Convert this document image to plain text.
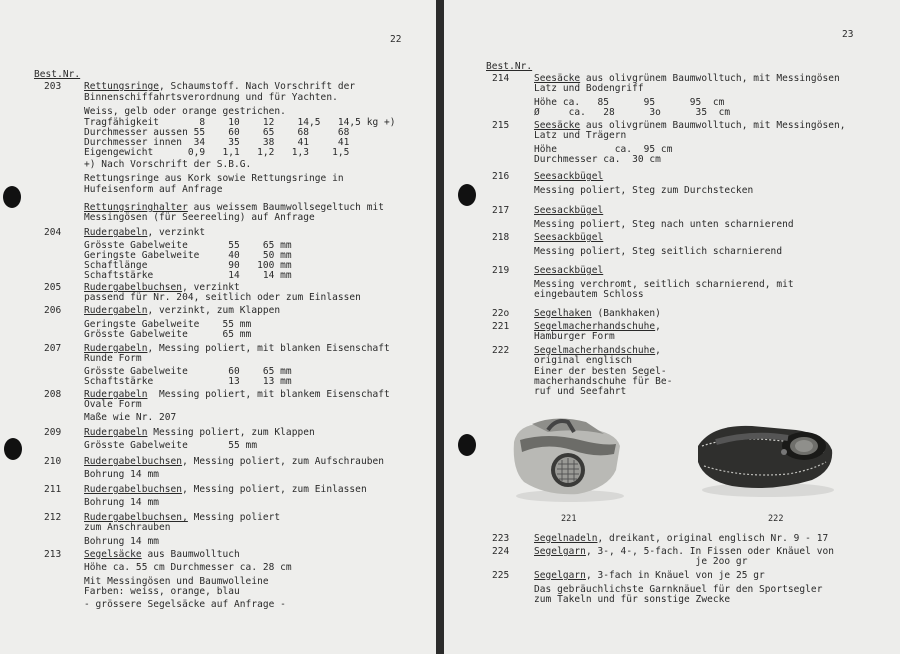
22
Best.Nr.
203 Rettungsringe, Schaumstoff. Nach Vorschrift der
Binnenschiffahrtsverordnung und für Yachten.
Weiss, gelb oder orange gestrichen.
Tragfähigkeit       8    10    12    14,5   14,5 kg +)
Durchmesser aussen 55    60    65    68     68
Durchmesser innen  34    35    38    41     41
Eigengewicht      0,9   1,1   1,2   1,3    1,5
+) Nach Vorschrift der S.B.G.
Rettungsringe aus Kork sowie Rettungsringe in
Hufeisenform auf Anfrage
Rettungsringhalter aus weissem Baumwollsegeltuch mit
Messingösen (für Seereeling) auf Anfrage
204 Rudergabeln, verzinkt
Grösste Gabelweite       55    65 mm
Geringste Gabelweite     40    50 mm
Schaftlänge              90   100 mm
Schaftstärke             14    14 mm
205 Rudergabelbuchsen, verzinkt
passend für Nr. 204, seitlich oder zum Einlassen
206 Rudergabeln, verzinkt, zum Klappen
Geringste Gabelweite    55 mm
Grösste Gabelweite      65 mm
207 Rudergabeln, Messing poliert, mit blanken Eisenschaft
Runde Form
Grösste Gabelweite       60    65 mm
Schaftstärke             13    13 mm
208 Rudergabeln  Messing poliert, mit blankem Eisenschaft
Ovale Form
Maße wie Nr. 207
209 Rudergabeln Messing poliert, zum Klappen
Grösste Gabelweite       55 mm
210 Rudergabelbuchsen, Messing poliert, zum Aufschrauben
Bohrung 14 mm
211 Rudergabelbuchsen, Messing poliert, zum Einlassen
Bohrung 14 mm
212 Rudergabelbuchsen, Messing poliert
zum Anschrauben
Bohrung 14 mm
213 Segelsäcke aus Baumwolltuch
Höhe ca. 55 cm Durchmesser ca. 28 cm
Mit Messingösen und Baumwolleine
Farben: weiss, orange, blau
- grössere Segelsäcke auf Anfrage -
23
Best.Nr.
214	Seesäcke aus olivgrünem Baumwolltuch, mit Messingösen
Latz und Bodengriff
Höhe ca.   85      95      95  cm
Ø     ca.   28      3o      35  cm
215	Seesäcke aus olivgrünem Baumwolltuch, mit Messingösen,
Latz und Trägern
Höhe          ca.  95 cm
Durchmesser ca.  30 cm
216	Seesackbügel
Messing poliert, Steg zum Durchstecken
217	Seesackbügel
Messing poliert, Steg nach unten scharnierend
218	Seesackbügel
Messing poliert, Steg seitlich scharnierend
219	Seesackbügel
Messing verchromt, seitlich scharnierend, mit
eingebautem Schloss
22o	Segelhaken (Bankhaken)
221	Segelmacherhandschuhe,
Hamburger Form
222	Segelmacherhandschuhe,
original englisch
Einer der besten Segel-
macherhandschuhe für Be-
ruf und Seefahrt
223	Segelnadeln, dreikant, original englisch Nr. 9 - 17
224	Segelgarn, 3-, 4-, 5-fach. In Fissen oder Knäuel von
je 2oo gr
225	Segelgarn, 3-fach in Knäuel von je 25 gr
Das gebräuchlichste Garnknäuel für den Sportsegler
zum Takeln und für sonstige Zwecke
221	222
